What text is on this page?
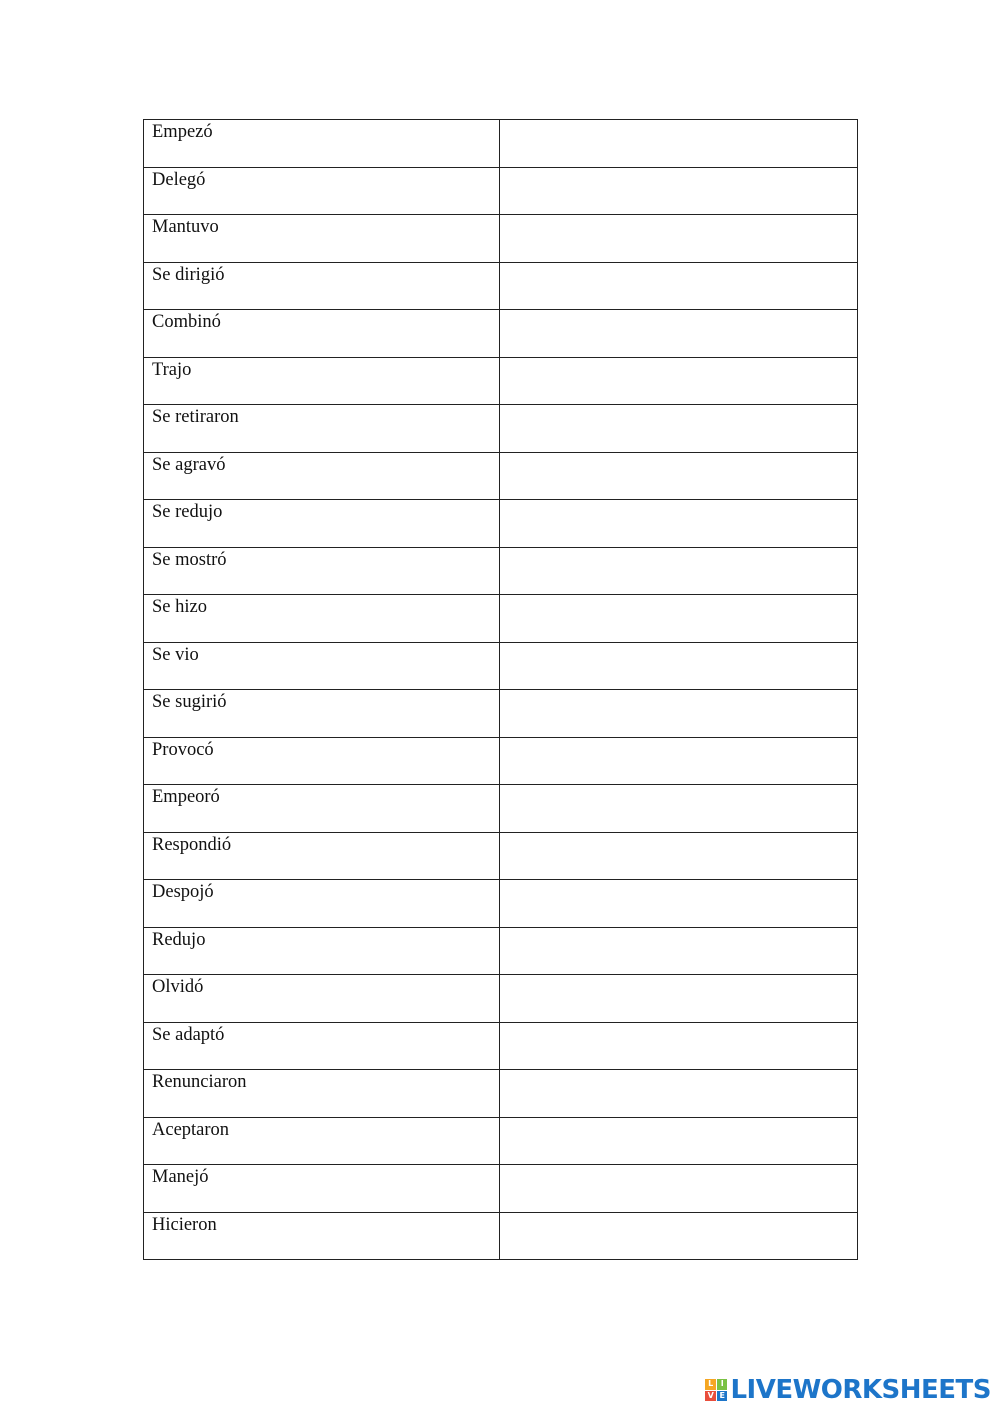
Empezó	

Delegó	

Mantuvo	

Se dirigió	

Combinó	

Trajo	

Se retiraron	

Se agravó	

Se redujo	

Se mostró	

Se hizo	

Se vio	

Se sugirió	

Provocó	

Empeoró	

Respondió	

Despojó	

Redujo	

Olvidó	

Se adaptó	

Renunciaron	

Aceptaron	

Manejó	

Hicieron	

L I
V E LIVEWORKSHEETS
